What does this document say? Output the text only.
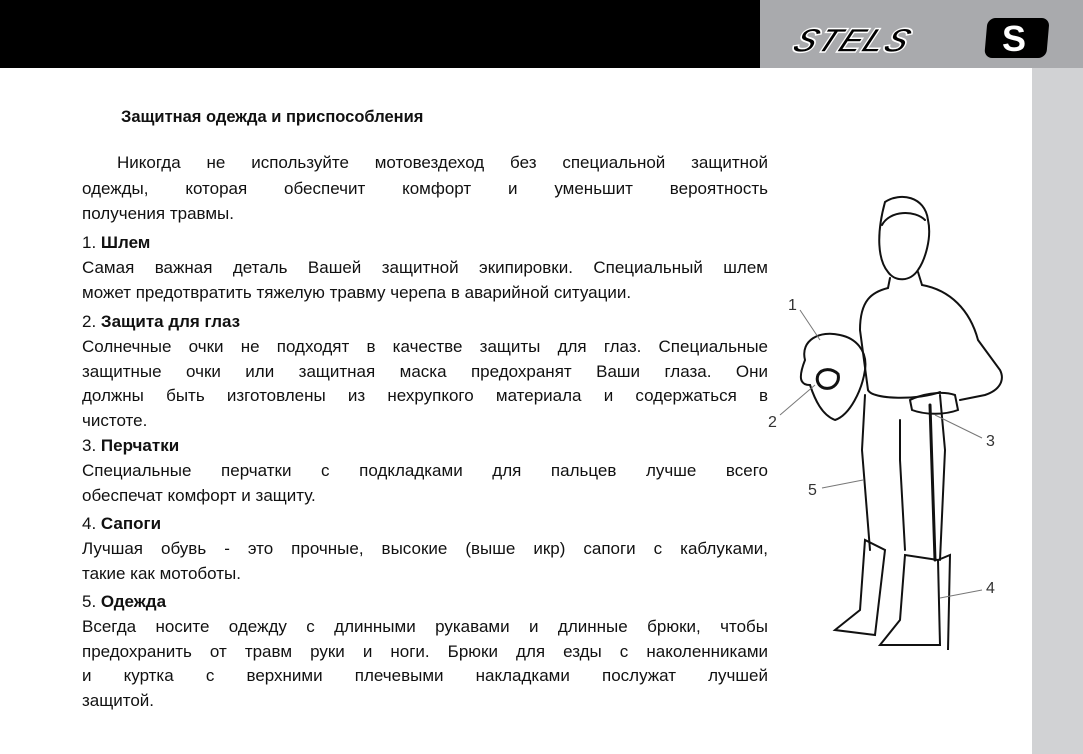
STELS S
Защитная одежда и приспособления
Никогда не используйте мотовездеход без специальной защитной
одежды, которая обеспечит комфорт и уменьшит вероятность
получения травмы.
1. Шлем
Самая важная деталь Вашей защитной экипировки. Специальный шлем
может предотвратить тяжелую травму черепа в аварийной ситуации.
2. Защита для глаз
Солнечные очки не подходят в качестве защиты для глаз. Специальные
защитные очки или защитная маска предохранят Ваши глаза. Они
должны быть изготовлены из нехрупкого материала и содержаться в
чистоте.
3. Перчатки
Специальные перчатки с подкладками для пальцев лучше всего
обеспечат комфорт и защиту.
4. Сапоги
Лучшая обувь - это прочные, высокие (выше икр) сапоги с каблуками,
такие как мотоботы.
5. Одежда
Всегда носите одежду с длинными рукавами и длинные брюки, чтобы
предохранить от травм руки и ноги. Брюки для езды с наколенниками
и куртка с верхними плечевыми накладками послужат лучшей
защитой.
1
2
3
4
5
